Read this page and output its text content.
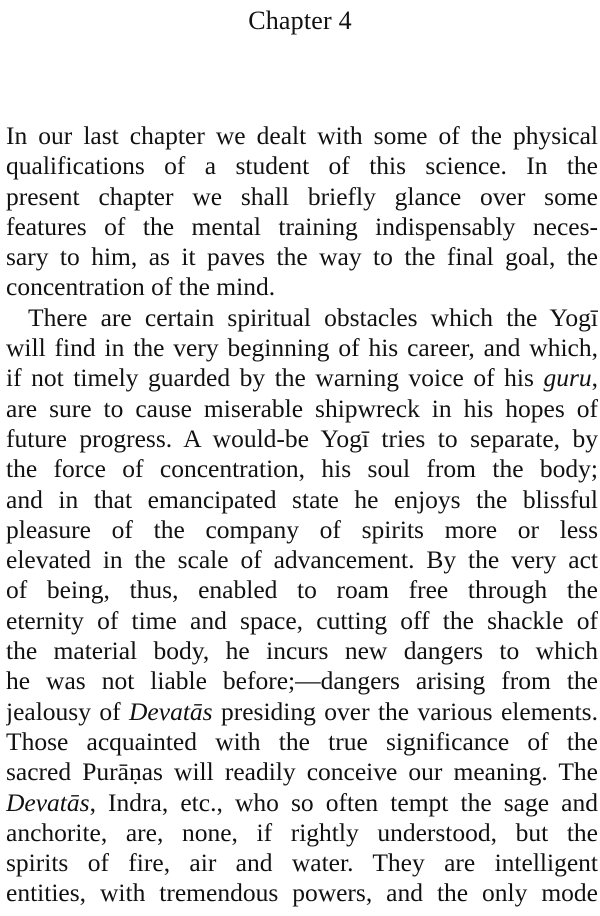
Chapter 4
In our last chapter we dealt with some of the physical
qualifications of a student of this science. In the
present chapter we shall briefly glance over some
features of the mental training indispensably neces-
sary to him, as it paves the way to the final goal, the
concentration of the mind.
There are certain spiritual obstacles which the Yogī
will find in the very beginning of his career, and which,
if not timely guarded by the warning voice of his guru,
are sure to cause miserable shipwreck in his hopes of
future progress. A would-be Yogī tries to separate, by
the force of concentration, his soul from the body;
and in that emancipated state he enjoys the blissful
pleasure of the company of spirits more or less
elevated in the scale of advancement. By the very act
of being, thus, enabled to roam free through the
eternity of time and space, cutting off the shackle of
the material body, he incurs new dangers to which
he was not liable before;—dangers arising from the
jealousy of Devatās presiding over the various elements.
Those acquainted with the true significance of the
sacred Purāṇas will readily conceive our meaning. The
Devatās, Indra, etc., who so often tempt the sage and
anchorite, are, none, if rightly understood, but the
spirits of fire, air and water. They are intelligent
entities, with tremendous powers, and the only mode
